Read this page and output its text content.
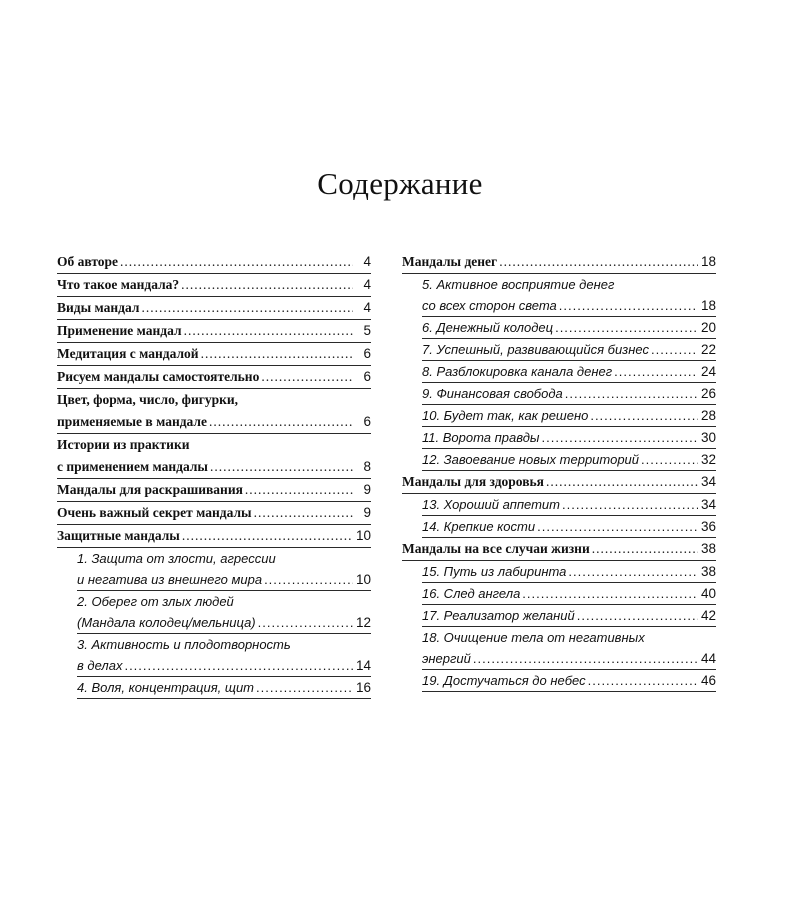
Содержание
Об авторе .....	4
Что такое мандала? .....	4
Виды мандал .....	4
Применение мандал .....	5
Медитация с мандалой .....	6
Рисуем мандалы самостоятельно .....	6
Цвет, форма, число, фигурки,
применяемые в мандале .....	6
Истории из практики
с применением мандалы .....	8
Мандалы для раскрашивания .....	9
Очень важный секрет мандалы .....	9
Защитные мандалы .....	10
1. Защита от злости, агрессии
и негатива из внешнего мира .....	10
2. Оберег от злых людей
(Мандала колодец/мельница) .....	12
3. Активность и плодотворность
в делах .....	14
4. Воля, концентрация, щит .....	16
Мандалы денег .....	18
5. Активное восприятие денег
со всех сторон света .....	18
6. Денежный колодец .....	20
7. Успешный, развивающийся бизнес .....	22
8. Разблокировка канала денег .....	24
9. Финансовая свобода .....	26
10. Будет так, как решено .....	28
11. Ворота правды .....	30
12. Завоевание новых территорий .....	32
Мандалы для здоровья .....	34
13. Хороший аппетит .....	34
14. Крепкие кости .....	36
Мандалы на все случаи жизни .....	38
15. Путь из лабиринта .....	38
16. След ангела .....	40
17. Реализатор желаний .....	42
18. Очищение тела от негативных
энергий .....	44
19. Достучаться до небес .....	46
